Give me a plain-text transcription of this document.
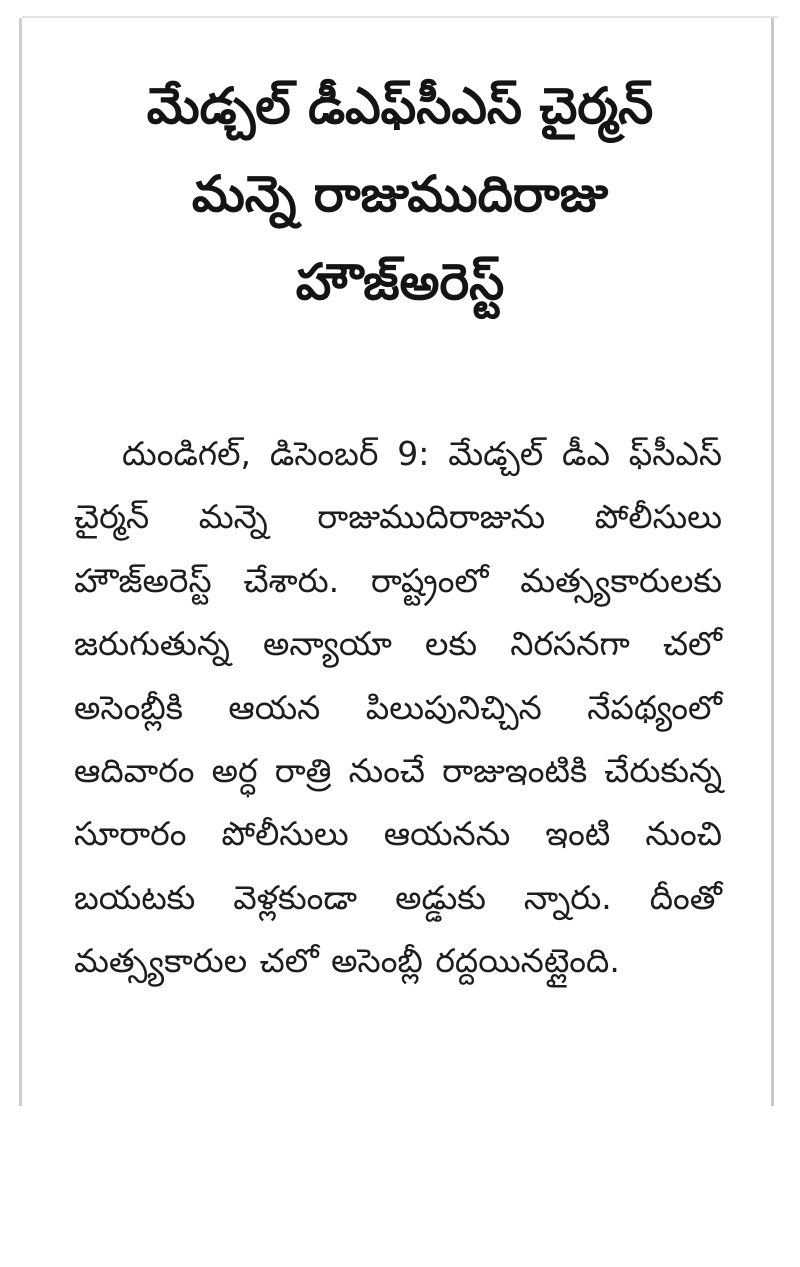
మేడ్చల్ డీఎఫ్‌సీఎస్ చైర్మన్
మన్నె రాజుముదిరాజు
హౌజ్‌అరెస్ట్

దుండిగల్, డిసెంబర్ 9: మేడ్చల్ డీఎ ఫ్‌సీఎస్ చైర్మన్ మన్నె రాజుముదిరాజును పోలీసులు హౌజ్‌అరెస్ట్ చేశారు. రాష్ట్రంలో మత్స్యకారులకు జరుగుతున్న అన్యాయా లకు నిరసనగా చలో అసెంబ్లీకి ఆయన పిలుపునిచ్చిన నేపథ్యంలో ఆదివారం అర్ధ రాత్రి నుంచే రాజుఇంటికి చేరుకున్న సూరారం పోలీసులు ఆయనను ఇంటి నుంచి బయటకు వెళ్లకుండా అడ్డుకు న్నారు. దీంతో మత్స్యకారుల చలో అసెంబ్లీ రద్దయినట్లైంది.
